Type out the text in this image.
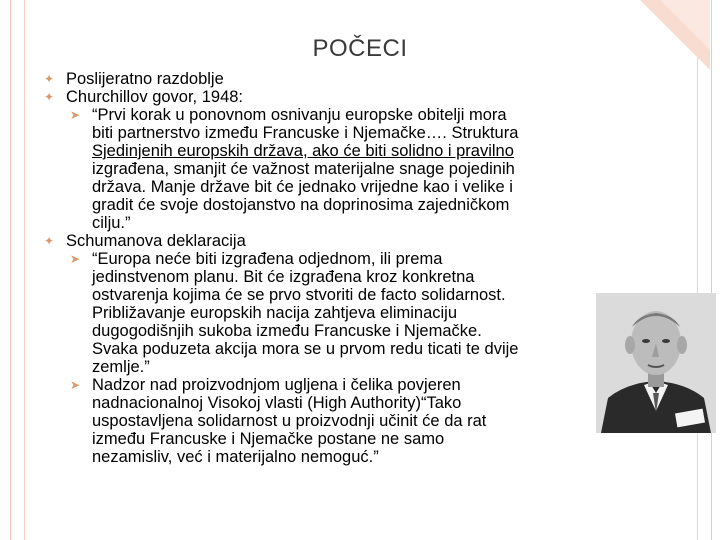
POČECI
✦ Poslijeratno razdoblje
✦ Churchillov govor, 1948:
➤ “Prvi korak u ponovnom osnivanju europske obitelji mora
biti partnerstvo između Francuske i Njemačke…. Struktura
Sjedinjenih europskih država, ako će biti solidno i pravilno
izgrađena, smanjit će važnost materijalne snage pojedinih
država. Manje države bit će jednako vrijedne kao i velike i
gradit će svoje dostojanstvo na doprinosima zajedničkom
cilju.”
✦ Schumanova deklaracija
➤ “Europa neće biti izgrađena odjednom, ili prema
jedinstvenom planu. Bit će izgrađena kroz konkretna
ostvarenja kojima će se prvo stvoriti de facto solidarnost.
Približavanje europskih nacija zahtjeva eliminaciju
dugogodišnjih sukoba između Francuske i Njemačke.
Svaka poduzeta akcija mora se u prvom redu ticati te dvije
zemlje.”
➤ Nadzor nad proizvodnjom ugljena i čelika povjeren
nadnacionalnoj Visokoj vlasti (High Authority)“Tako
uspostavljena solidarnost u proizvodnji učinit će da rat
između Francuske i Njemačke postane ne samo
nezamisliv, već i materijalno nemoguć.”
